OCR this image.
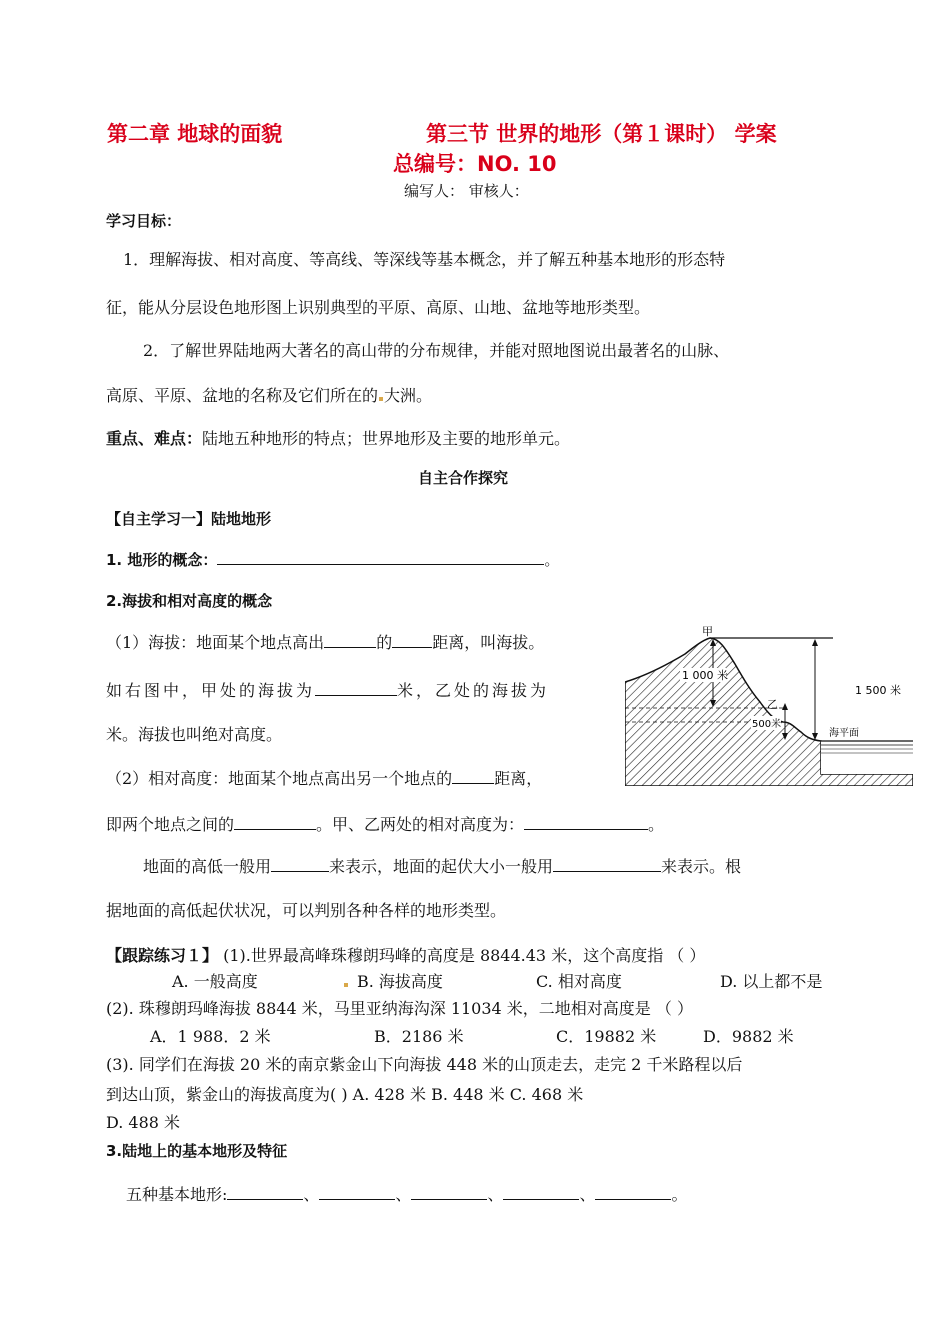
第二章 地球的面貌	第三节 世界的地形（第１课时） 学案
总编号：NO. 10
编写人： 审核人：
学习目标：
1．理解海拔、相对高度、等高线、等深线等基本概念，并了解五种基本地形的形态特
征，能从分层设色地形图上识别典型的平原、高原、山地、盆地等地形类型。
2．了解世界陆地两大著名的高山带的分布规律，并能对照地图说出最著名的山脉、
高原、平原、盆地的名称及它们所在的 大洲。
重点、难点：陆地五种地形的特点；世界地形及主要的地形单元。
自主合作探究
【自主学习一】陆地地形
1. 地形的概念：	。
2.海拔和相对高度的概念
（1）海拔：地面某个地点高出	的	距离，叫海拔。
如右图中，甲处的海拔为	米，乙处的海拔为
米。海拔也叫绝对高度。
（2）相对高度：地面某个地点高出另一个地点的	距离，
即两个地点之间的	。甲、乙两处的相对高度为：	。
地面的高低一般用	来表示，地面的起伏大小一般用	来表示。根
据地面的高低起伏状况，可以判别各种各样的地形类型。
1 000 米
甲
乙
500米
1 500 米
海平面
【跟踪练习１】 (1).世界最高峰珠穆朗玛峰的高度是 8844.43 米，这个高度指 （ ）
A. 一般高度	B. 海拔高度	C. 相对高度	D. 以上都不是
(2). 珠穆朗玛峰海拔 8844 米，马里亚纳海沟深 11034 米，二地相对高度是 （ ）
A．1 988．2 米	B．2186 米	C．19882 米	D．9882 米
(3). 同学们在海拔 20 米的南京紫金山下向海拔 448 米的山顶走去，走完 2 千米路程以后
到达山顶，紫金山的海拔高度为( ) A. 428 米 B. 448 米 C. 468 米
D. 488 米
3.陆地上的基本地形及特征
五种基本地形:	、	、	、	、	。
